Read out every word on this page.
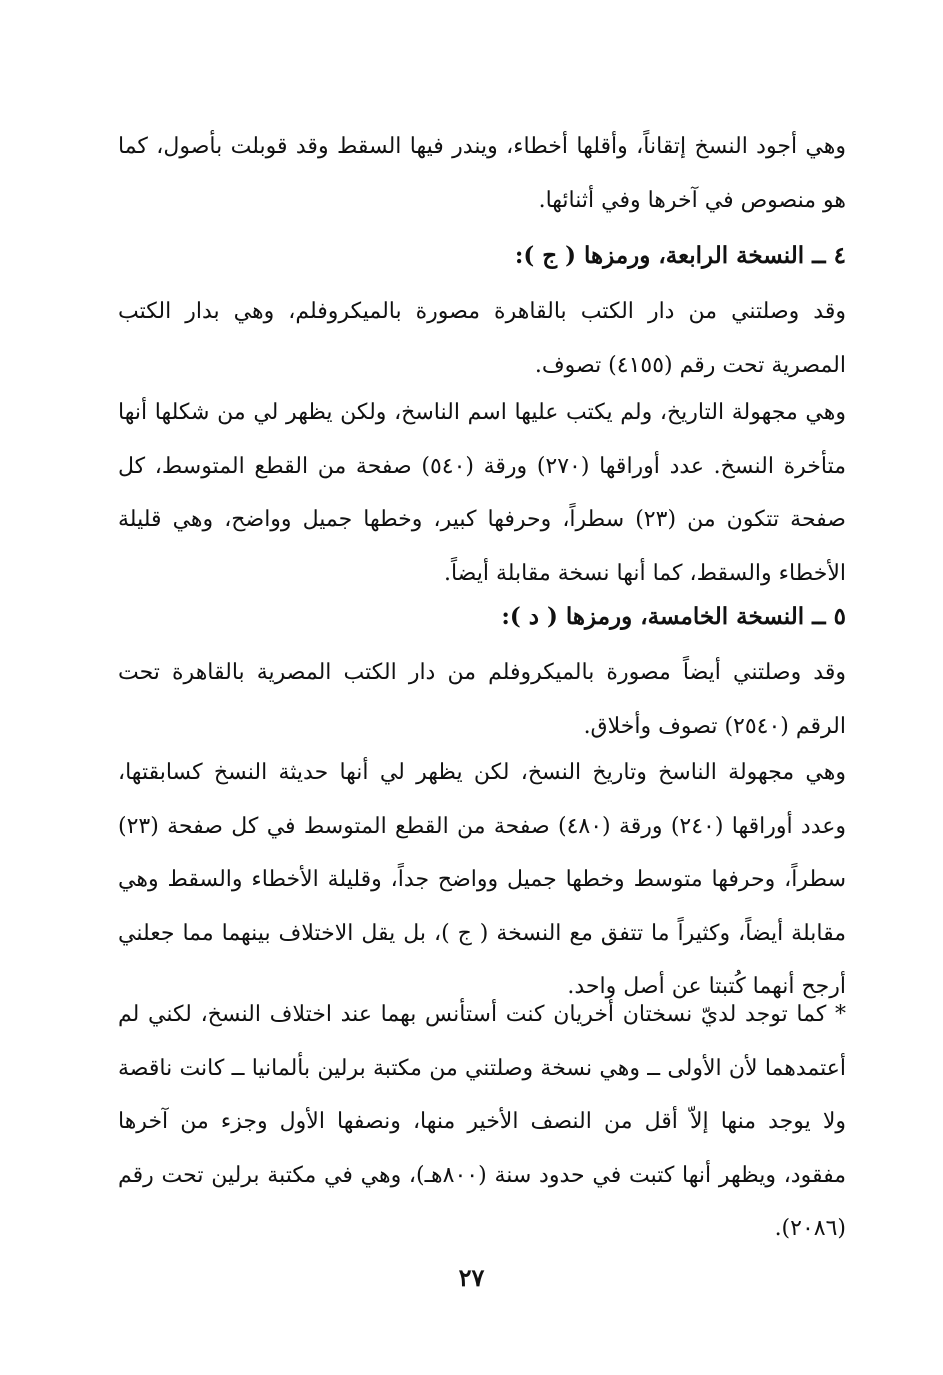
وهي أجود النسخ إتقاناً، وأقلها أخطاء، ويندر فيها السقط وقد قوبلت بأصول، كما هو منصوص في آخرها وفي أثنائها.

٤ ــ النسخة الرابعة، ورمزها ( ج ):

وقد وصلتني من دار الكتب بالقاهرة مصورة بالميكروفلم، وهي بدار الكتب المصرية تحت رقم (٤١٥٥) تصوف.

وهي مجهولة التاريخ، ولم يكتب عليها اسم الناسخ، ولكن يظهر لي من شكلها أنها متأخرة النسخ. عدد أوراقها (٢٧٠) ورقة (٥٤٠) صفحة من القطع المتوسط، كل صفحة تتكون من (٢٣) سطراً، وحرفها كبير، وخطها جميل وواضح، وهي قليلة الأخطاء والسقط، كما أنها نسخة مقابلة أيضاً.

٥ ــ النسخة الخامسة، ورمزها ( د ):

وقد وصلتني أيضاً مصورة بالميكروفلم من دار الكتب المصرية بالقاهرة تحت الرقم (٢٥٤٠) تصوف وأخلاق.

وهي مجهولة الناسخ وتاريخ النسخ، لكن يظهر لي أنها حديثة النسخ كسابقتها، وعدد أوراقها (٢٤٠) ورقة (٤٨٠) صفحة من القطع المتوسط في كل صفحة (٢٣) سطراً، وحرفها متوسط وخطها جميل وواضح جداً، وقليلة الأخطاء والسقط وهي مقابلة أيضاً، وكثيراً ما تتفق مع النسخة ( ج )، بل يقل الاختلاف بينهما مما جعلني أرجح أنهما كُتبتا عن أصل واحد.

* كما توجد لديّ نسختان أخريان كنت أستأنس بهما عند اختلاف النسخ، لكني لم أعتمدهما لأن الأولى ــ وهي نسخة وصلتني من مكتبة برلين بألمانيا ــ كانت ناقصة ولا يوجد منها إلاّ أقل من النصف الأخير منها، ونصفها الأول وجزء من آخرها مفقود، ويظهر أنها كتبت في حدود سنة (٨٠٠هـ)، وهي في مكتبة برلين تحت رقم (٢٠٨٦).

٢٧
